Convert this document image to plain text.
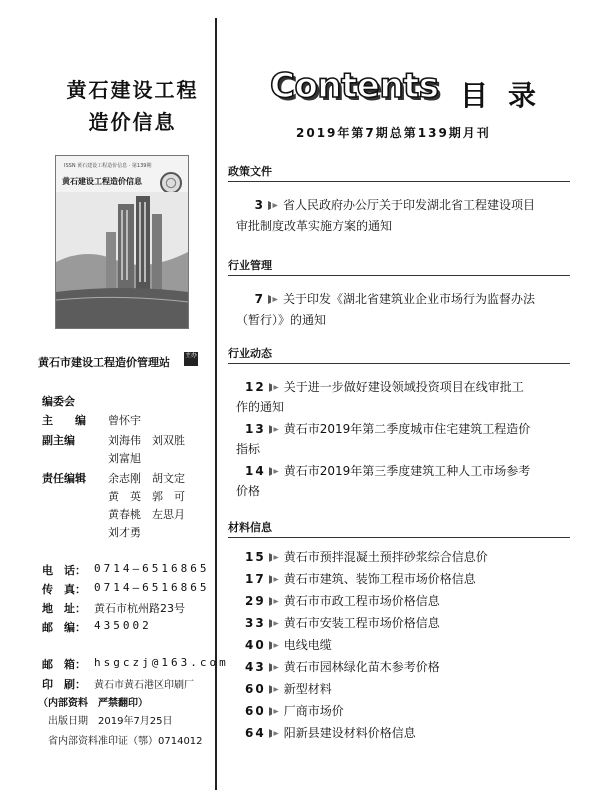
黄石建设工程
造价信息
ISSN 黄石建设工程造价信息 · 第139期
黄石建设工程造价信息
黄石市建设工程造价管理站
主办
编委会
主　　编 曾怀宇
副主编	刘海伟　刘双胜
刘富旭
责任编辑 余志刚　胡文定
黄　英　郭　可
黄春桃　左思月
刘才勇
电　话： 0714—6516865
传　真： 0714—6516865
地　址： 黄石市杭州路23号
邮　编： 435002
邮　箱： hsgczj@163.com
印　刷： 黄石市黄石港区印刷厂
（内部资料　严禁翻印）
出版日期　2019年7月25日
省内部资料准印证（鄂）0714012
Contents 目录
2019年第7期总第139期月刊
政策文件
3 省人民政府办公厅关于印发湖北省工程建设项目
审批制度改革实施方案的通知
行业管理
7 关于印发《湖北省建筑业企业市场行为监督办法
（暂行）》的通知
行业动态
12 关于进一步做好建设领域投资项目在线审批工
作的通知
13 黄石市2019年第二季度城市住宅建筑工程造价
指标
14 黄石市2019年第三季度建筑工种人工市场参考
价格
材料信息
15 黄石市预拌混凝土预拌砂浆综合信息价
17 黄石市建筑、装饰工程市场价格信息
29 黄石市市政工程市场价格信息
33 黄石市安装工程市场价格信息
40 电线电缆
43 黄石市园林绿化苗木参考价格
60 新型材料
60 厂商市场价
64 阳新县建设材料价格信息
